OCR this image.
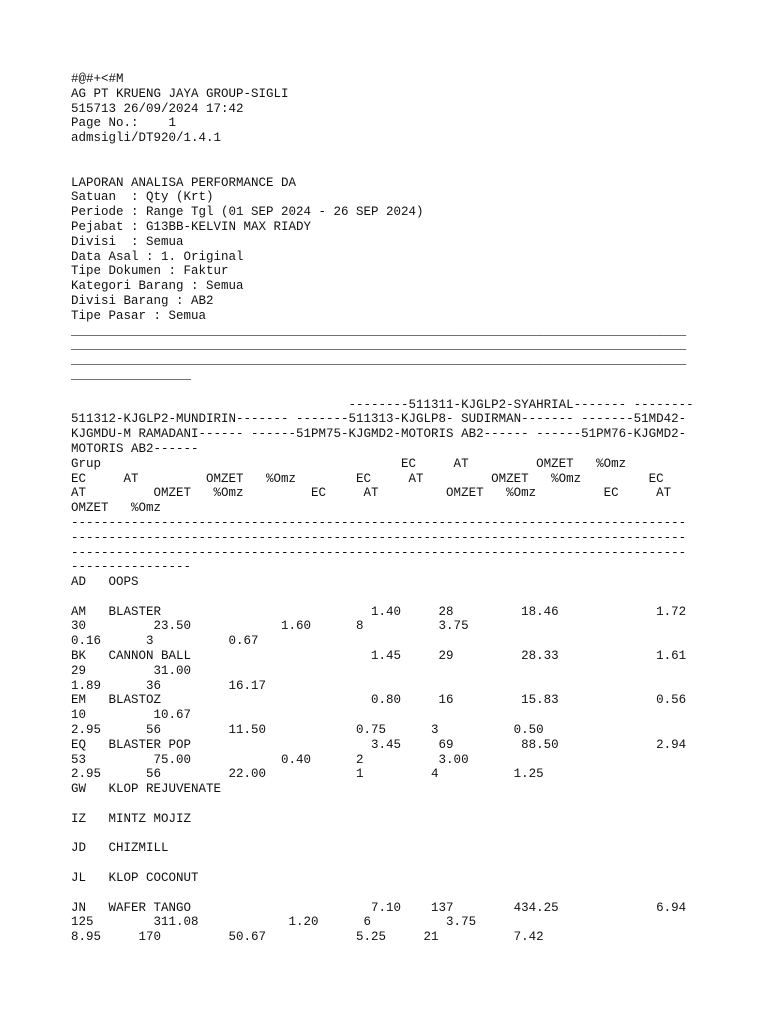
#@#+<#M
AG PT KRUENG JAYA GROUP-SIGLI
515713 26/09/2024 17:42
Page No.:    1
admsigli/DT920/1.4.1
LAPORAN ANALISA PERFORMANCE DA
Satuan  : Qty (Krt)
Periode : Range Tgl (01 SEP 2024 - 26 SEP 2024)
Pejabat : G13BB-KELVIN MAX RIADY
Divisi  : Semua
Data Asal : 1. Original
Tipe Dokumen : Faktur
Kategori Barang : Semua
Divisi Barang : AB2
Tipe Pasar : Semua
__________________________________________________________________________________
__________________________________________________________________________________
__________________________________________________________________________________
________________
--------511311-KJGLP2-SYAHRIAL------- --------
511312-KJGLP2-MUNDIRIN------- -------511313-KJGLP8- SUDIRMAN------- -------51MD42-
KJGMDU-M RAMADANI------ ------51PM75-KJGMD2-MOTORIS AB2------ ------51PM76-KJGMD2-
MOTORIS AB2------
Grup                                        EC     AT         OMZET   %Omz
EC     AT         OMZET   %Omz        EC     AT         OMZET   %Omz         EC
AT         OMZET   %Omz         EC     AT         OMZET   %Omz         EC     AT
OMZET   %Omz
----------------------------------------------------------------------------------
----------------------------------------------------------------------------------
----------------------------------------------------------------------------------
----------------
AD   OOPS
AM   BLASTER                            1.40     28         18.46             1.72
30         23.50            1.60      8          3.75
0.16      3          0.67
BK   CANNON BALL                        1.45     29         28.33             1.61
29         31.00
1.89      36         16.17
EM   BLASTOZ                            0.80     16         15.83             0.56
10         10.67
2.95      56         11.50            0.75      3          0.50
EQ   BLASTER POP                        3.45     69         88.50             2.94
53         75.00            0.40      2          3.00
2.95      56         22.00            1         4          1.25
GW   KLOP REJUVENATE
IZ   MINTZ MOJIZ
JD   CHIZMILL
JL   KLOP COCONUT
JN   WAFER TANGO                        7.10    137        434.25             6.94
125        311.08            1.20      6          3.75
8.95     170         50.67            5.25     21          7.42
